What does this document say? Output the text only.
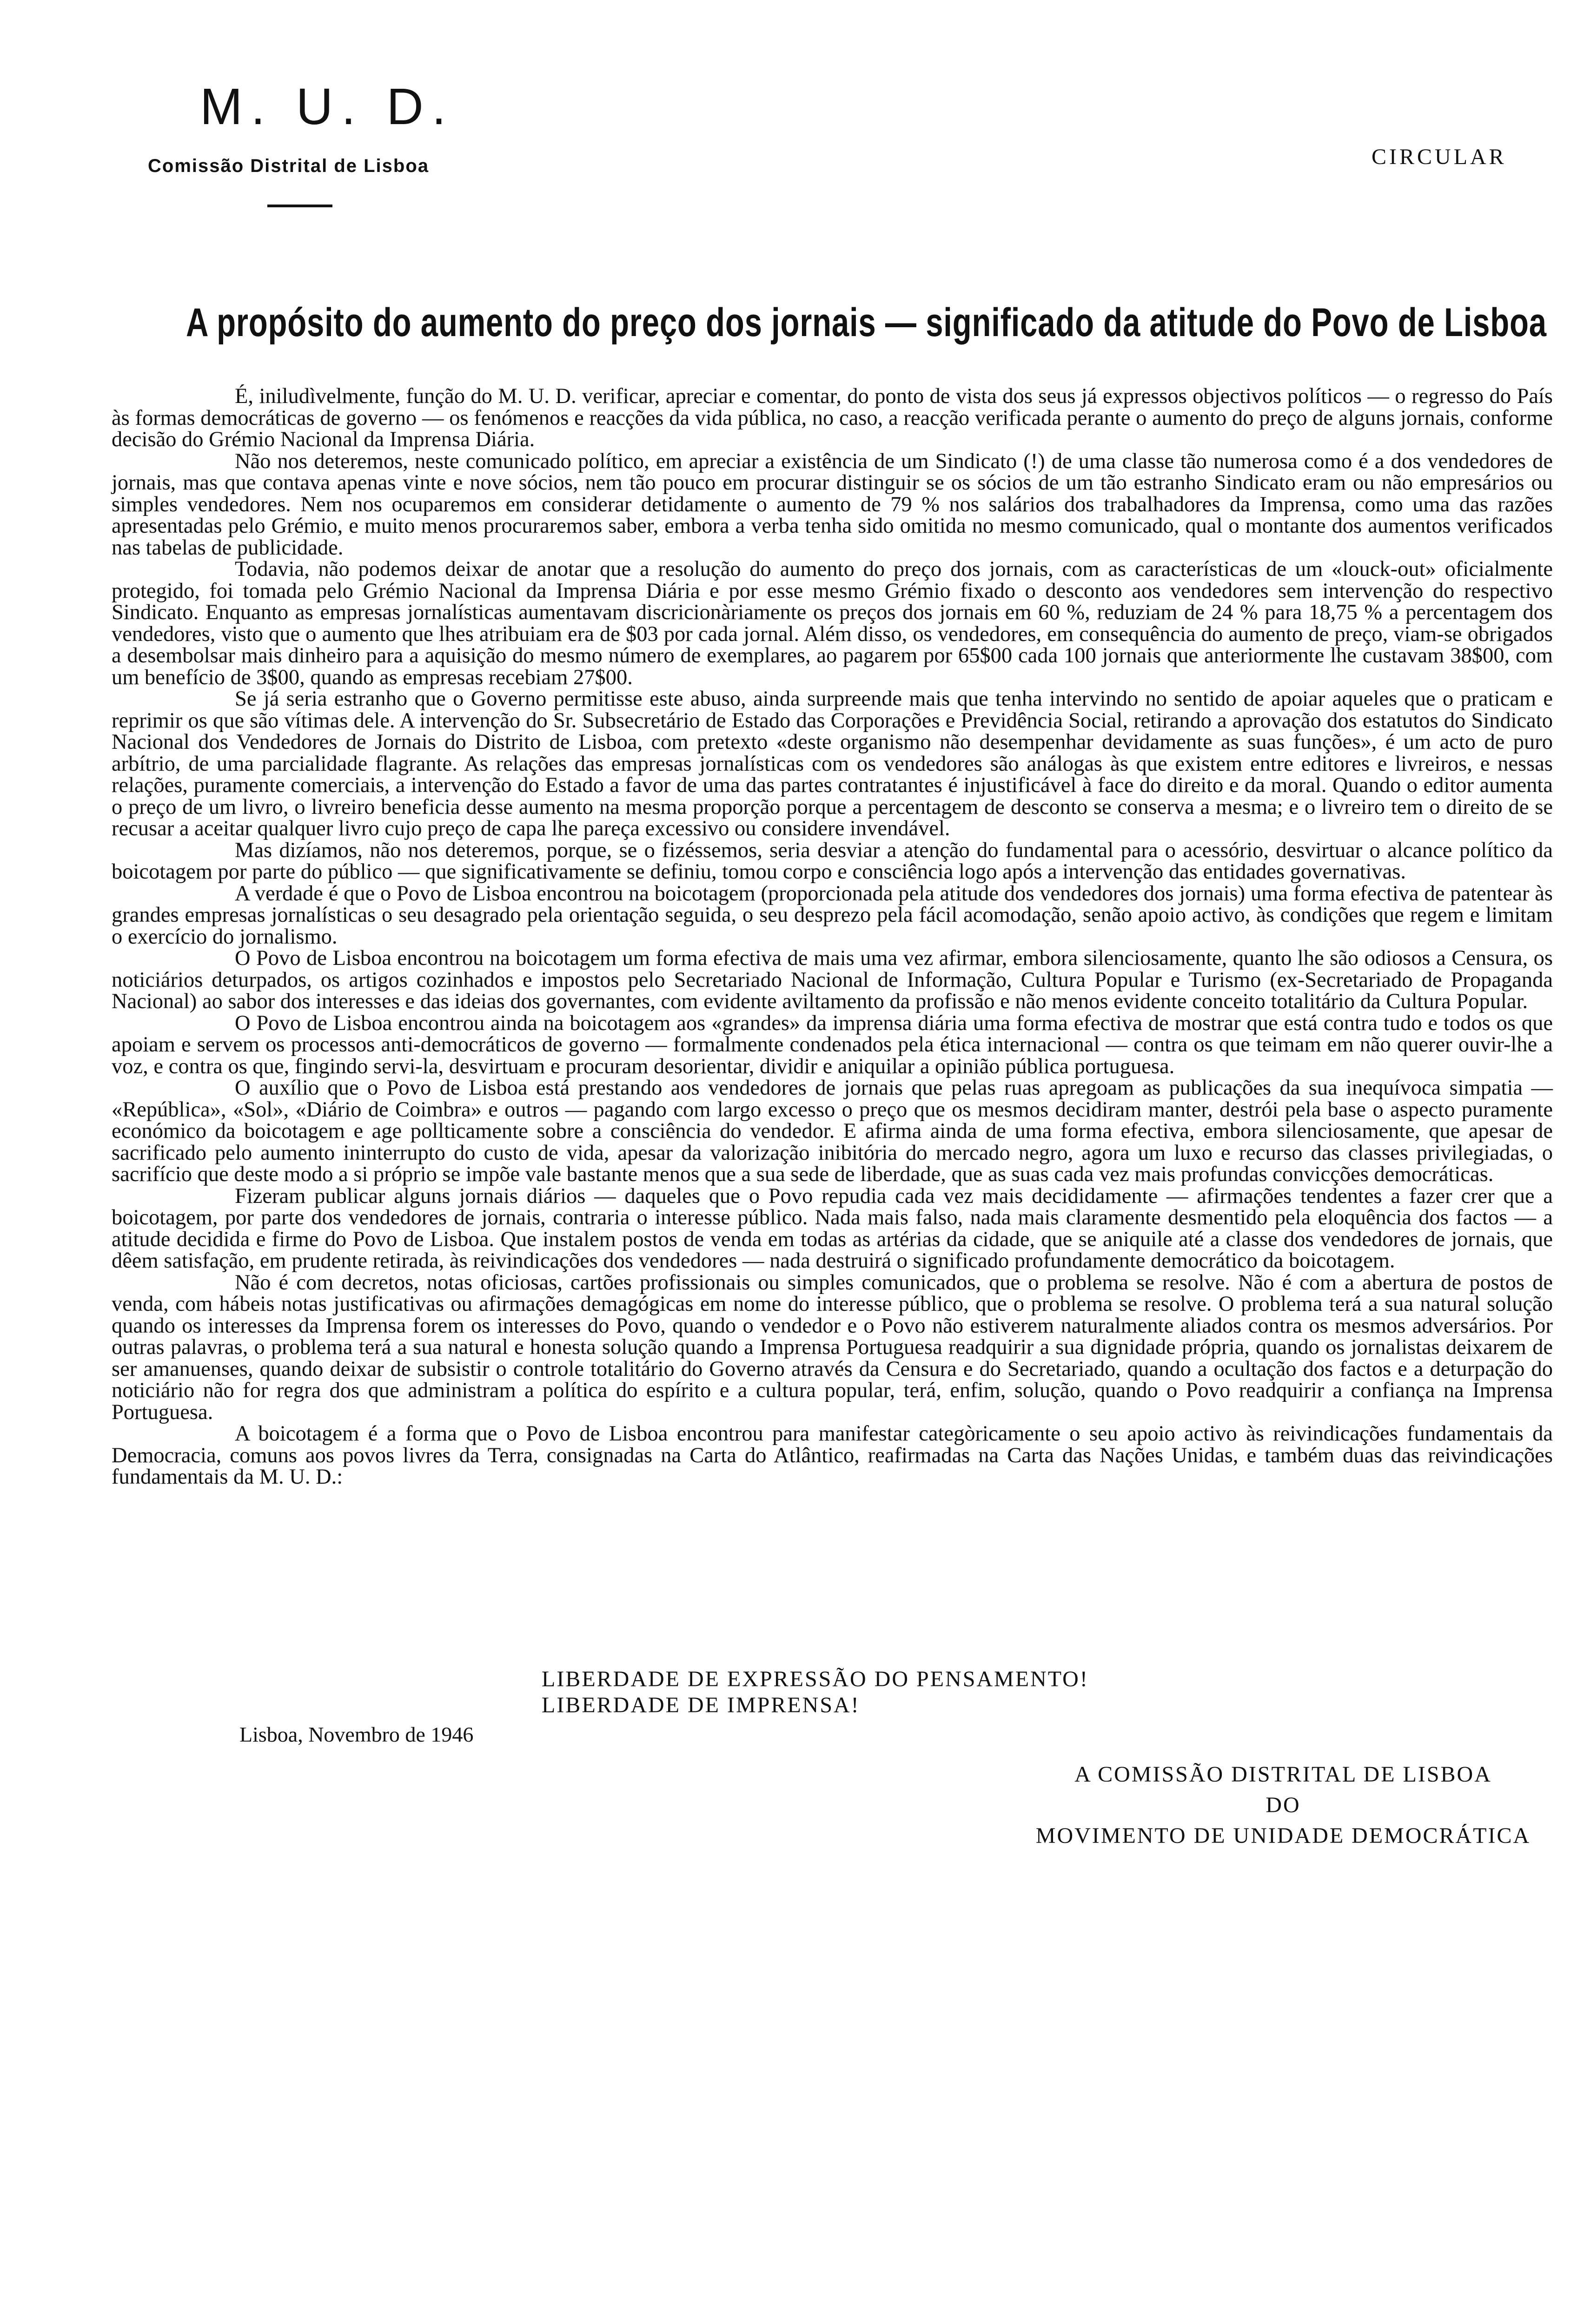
M. U. D.
Comissão Distrital de Lisboa	CIRCULAR
A propósito do aumento do preço dos jornais — significado da atitude do Povo de Lisboa

É, iniludìvelmente, função do M. U. D. verificar, apreciar e comentar, do ponto de vista dos seus já expressos objectivos políticos — o regresso do País às formas democráticas de governo — os fenómenos e reacções da vida pública, no caso, a reacção verificada perante o aumento do preço de alguns jornais, conforme decisão do Grémio Nacional da Imprensa Diária.

Não nos deteremos, neste comunicado político, em apreciar a existência de um Sindicato (!) de uma classe tão numerosa como é a dos vendedores de jornais, mas que contava apenas vinte e nove sócios, nem tão pouco em procurar distinguir se os sócios de um tão estranho Sindicato eram ou não empresários ou simples vendedores. Nem nos ocuparemos em considerar detidamente o aumento de 79 % nos salários dos trabalhadores da Imprensa, como uma das razões apresentadas pelo Grémio, e muito menos procuraremos saber, embora a verba tenha sido omitida no mesmo comunicado, qual o montante dos aumentos verificados nas tabelas de publicidade.

Todavia, não podemos deixar de anotar que a resolução do aumento do preço dos jornais, com as características de um «louck-out» oficialmente protegido, foi tomada pelo Grémio Nacional da Imprensa Diária e por esse mesmo Grémio fixado o desconto aos vendedores sem intervenção do respectivo Sindicato. Enquanto as empresas jornalísticas aumentavam discricionàriamente os preços dos jornais em 60 %, reduziam de 24 % para 18,75 % a percentagem dos vendedores, visto que o aumento que lhes atribuiam era de $03 por cada jornal. Além disso, os vendedores, em consequência do aumento de preço, viam-se obrigados a desembolsar mais dinheiro para a aquisição do mesmo número de exemplares, ao pagarem por 65$00 cada 100 jornais que anteriormente lhe custavam 38$00, com um benefício de 3$00, quando as empresas recebiam 27$00.

Se já seria estranho que o Governo permitisse este abuso, ainda surpreende mais que tenha intervindo no sentido de apoiar aqueles que o praticam e reprimir os que são vítimas dele. A intervenção do Sr. Subsecretário de Estado das Corporações e Previdência Social, retirando a aprovação dos estatutos do Sindicato Nacional dos Vendedores de Jornais do Distrito de Lisboa, com pretexto «deste organismo não desempenhar devidamente as suas funções», é um acto de puro arbítrio, de uma parcialidade flagrante. As relações das empresas jornalísticas com os vendedores são análogas às que existem entre editores e livreiros, e nessas relações, puramente comerciais, a intervenção do Estado a favor de uma das partes contratantes é injustificável à face do direito e da moral. Quando o editor aumenta o preço de um livro, o livreiro beneficia desse aumento na mesma proporção porque a percentagem de desconto se conserva a mesma; e o livreiro tem o direito de se recusar a aceitar qualquer livro cujo preço de capa lhe pareça excessivo ou considere invendável.

Mas dizíamos, não nos deteremos, porque, se o fizéssemos, seria desviar a atenção do fundamental para o acessório, desvirtuar o alcance político da boicotagem por parte do público — que significativamente se definiu, tomou corpo e consciência logo após a intervenção das entidades governativas.

A verdade é que o Povo de Lisboa encontrou na boicotagem (proporcionada pela atitude dos vendedores dos jornais) uma forma efectiva de patentear às grandes empresas jornalísticas o seu desagrado pela orientação seguida, o seu desprezo pela fácil acomodação, senão apoio activo, às condições que regem e limitam o exercício do jornalismo.

O Povo de Lisboa encontrou na boicotagem um forma efectiva de mais uma vez afirmar, embora silenciosamente, quanto lhe são odiosos a Censura, os noticiários deturpados, os artigos cozinhados e impostos pelo Secretariado Nacional de Informação, Cultura Popular e Turismo (ex-Secretariado de Propaganda Nacional) ao sabor dos interesses e das ideias dos governantes, com evidente aviltamento da profissão e não menos evidente conceito totalitário da Cultura Popular.

O Povo de Lisboa encontrou ainda na boicotagem aos «grandes» da imprensa diária uma forma efectiva de mostrar que está contra tudo e todos os que apoiam e servem os processos anti-democráticos de governo — formalmente condenados pela ética internacional — contra os que teimam em não querer ouvir-lhe a voz, e contra os que, fingindo servi-la, desvirtuam e procuram desorientar, dividir e aniquilar a opinião pública portuguesa.

O auxílio que o Povo de Lisboa está prestando aos vendedores de jornais que pelas ruas apregoam as publicações da sua inequívoca simpatia — «República», «Sol», «Diário de Coimbra» e outros — pagando com largo excesso o preço que os mesmos decidiram manter, destrói pela base o aspecto puramente económico da boicotagem e age pollticamente sobre a consciência do vendedor. E afirma ainda de uma forma efectiva, embora silenciosamente, que apesar de sacrificado pelo aumento ininterrupto do custo de vida, apesar da valorização inibitória do mercado negro, agora um luxo e recurso das classes privilegiadas, o sacrifício que deste modo a si próprio se impõe vale bastante menos que a sua sede de liberdade, que as suas cada vez mais profundas convicções democráticas.

Fizeram publicar alguns jornais diários — daqueles que o Povo repudia cada vez mais decididamente — afirmações tendentes a fazer crer que a boicotagem, por parte dos vendedores de jornais, contraria o interesse público. Nada mais falso, nada mais claramente desmentido pela eloquência dos factos — a atitude decidida e firme do Povo de Lisboa. Que instalem postos de venda em todas as artérias da cidade, que se aniquile até a classe dos vendedores de jornais, que dêem satisfação, em prudente retirada, às reivindicações dos vendedores — nada destruirá o significado profundamente democrático da boicotagem.

Não é com decretos, notas oficiosas, cartões profissionais ou simples comunicados, que o problema se resolve. Não é com a abertura de postos de venda, com hábeis notas justificativas ou afirmações demagógicas em nome do interesse público, que o problema se resolve. O problema terá a sua natural solução quando os interesses da Imprensa forem os interesses do Povo, quando o vendedor e o Povo não estiverem naturalmente aliados contra os mesmos adversários. Por outras palavras, o problema terá a sua natural e honesta solução quando a Imprensa Portuguesa readquirir a sua dignidade própria, quando os jornalistas deixarem de ser amanuenses, quando deixar de subsistir o controle totalitário do Governo através da Censura e do Secretariado, quando a ocultação dos factos e a deturpação do noticiário não for regra dos que administram a política do espírito e a cultura popular, terá, enfim, solução, quando o Povo readquirir a confiança na Imprensa Portuguesa.

A boicotagem é a forma que o Povo de Lisboa encontrou para manifestar categòricamente o seu apoio activo às reivindicações fundamentais da Democracia, comuns aos povos livres da Terra, consignadas na Carta do Atlântico, reafirmadas na Carta das Nações Unidas, e também duas das reivindicações fundamentais da M. U. D.:

LIBERDADE DE EXPRESSÃO DO PENSAMENTO!
LIBERDADE DE IMPRENSA!
Lisboa, Novembro de 1946
A COMISSÃO DISTRITAL DE LISBOA
DO
MOVIMENTO DE UNIDADE DEMOCRÁTICA
